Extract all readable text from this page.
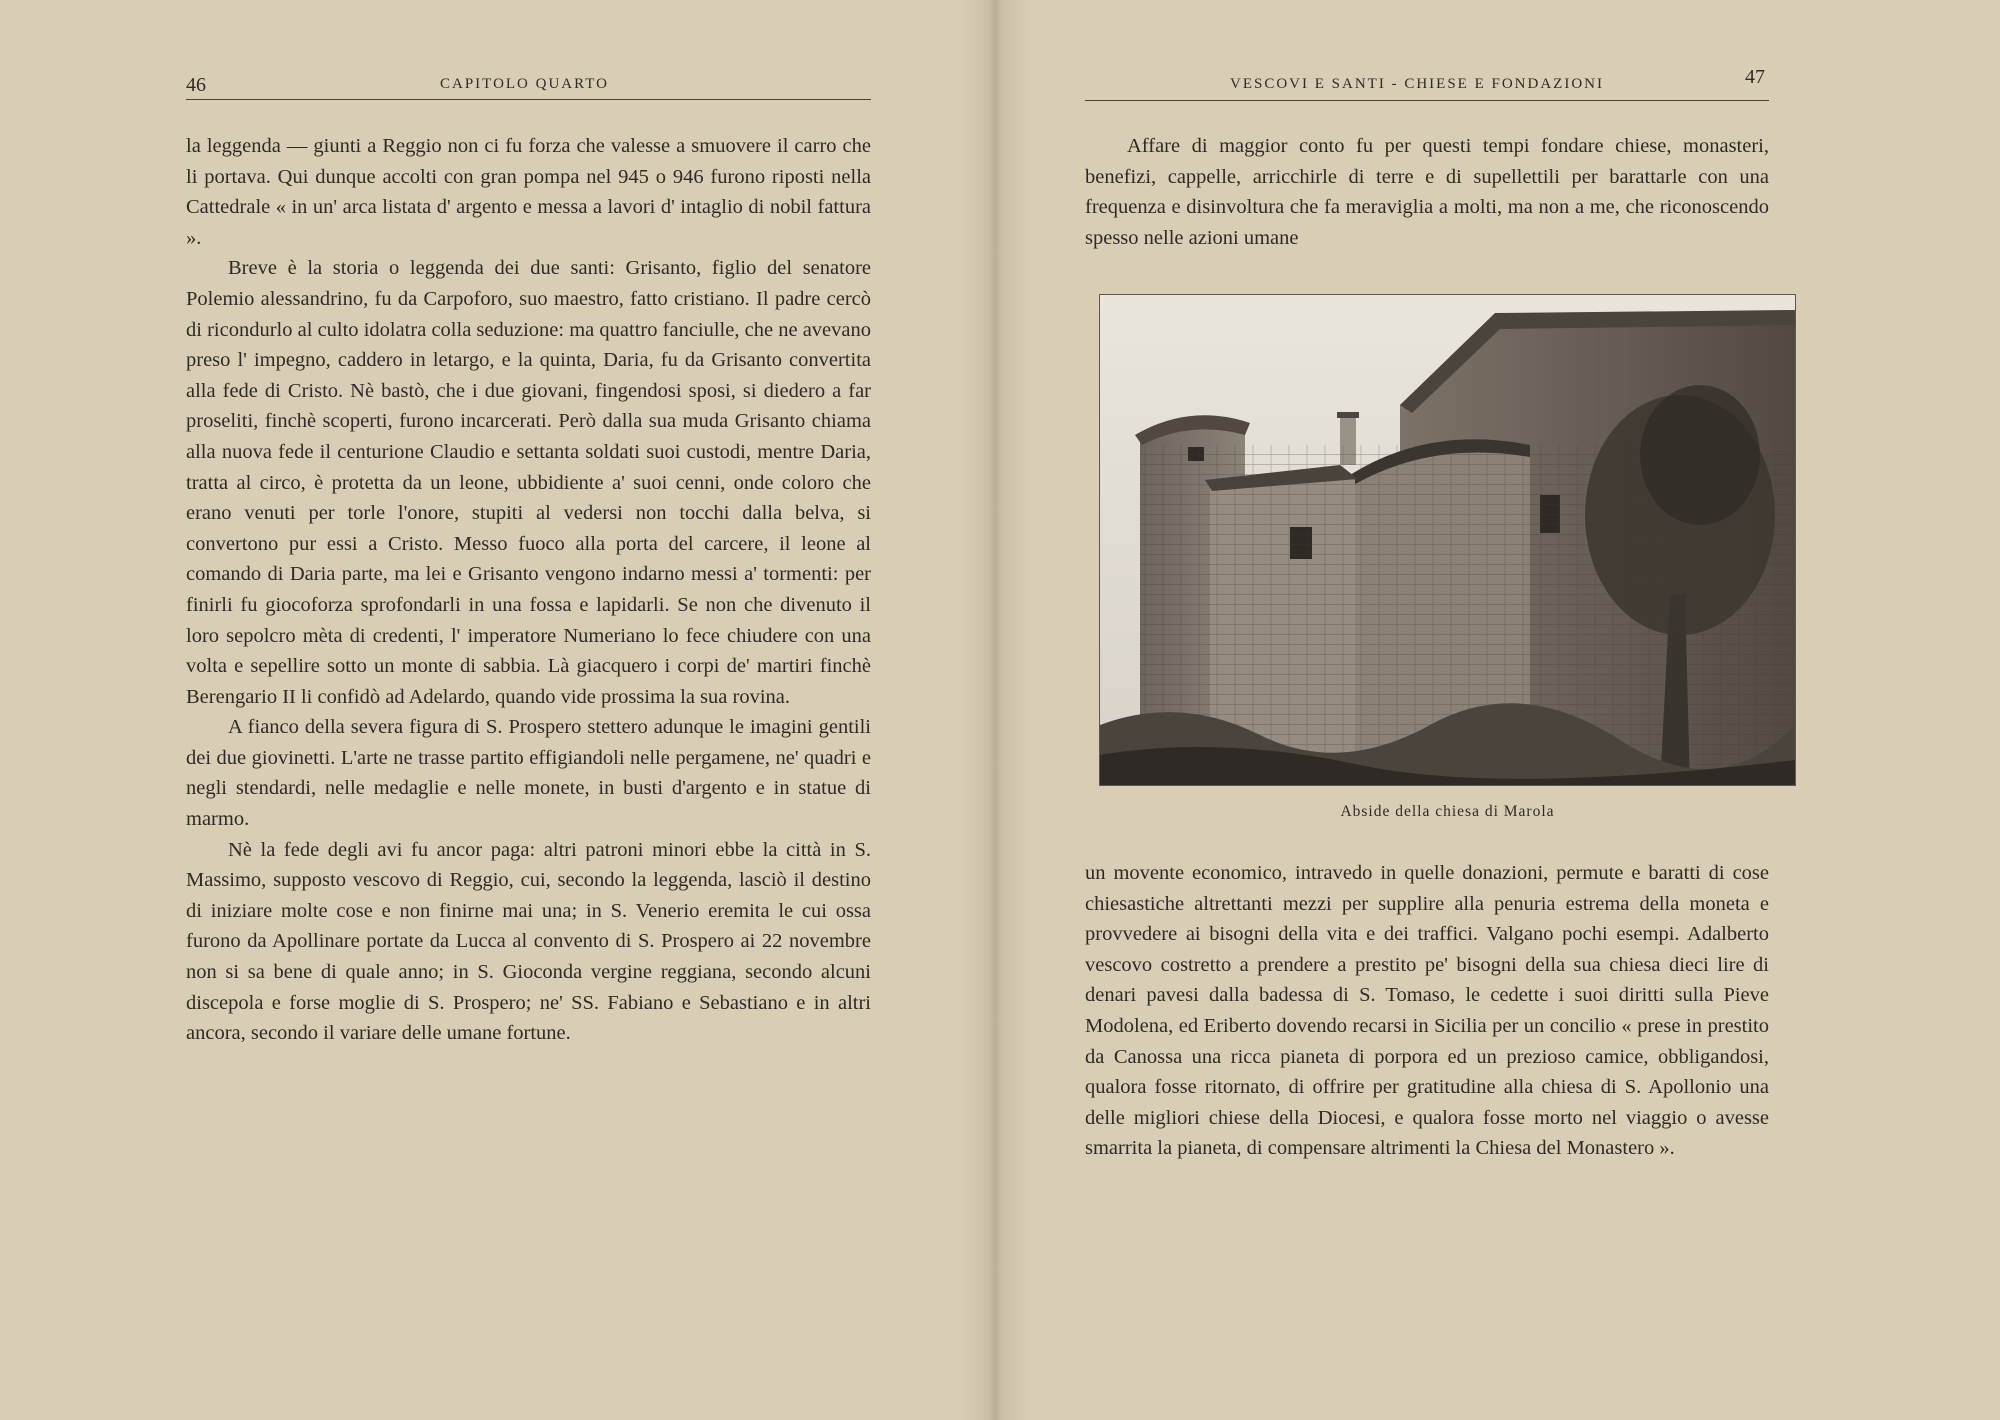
46	CAPITOLO QUARTO

la leggenda — giunti a Reggio non ci fu forza che valesse a smuovere il carro che li portava. Qui dunque accolti con gran pompa nel 945 o 946 furono riposti nella Cattedrale « in un' arca listata d' argento e messa a lavori d' intaglio di nobil fattura ».

Breve è la storia o leggenda dei due santi: Grisanto, figlio del senatore Polemio alessandrino, fu da Carpoforo, suo maestro, fatto cristiano. Il padre cercò di ricondurlo al culto idolatra colla seduzione: ma quattro fanciulle, che ne avevano preso l' impegno, caddero in letargo, e la quinta, Daria, fu da Grisanto convertita alla fede di Cristo. Nè bastò, che i due giovani, fingendosi sposi, si diedero a far proseliti, finchè scoperti, furono incarcerati. Però dalla sua muda Grisanto chiama alla nuova fede il centurione Claudio e settanta soldati suoi custodi, mentre Daria, tratta al circo, è protetta da un leone, ubbidiente a' suoi cenni, onde coloro che erano venuti per torle l'onore, stupiti al vedersi non tocchi dalla belva, si convertono pur essi a Cristo. Messo fuoco alla porta del carcere, il leone al comando di Daria parte, ma lei e Grisanto vengono indarno messi a' tormenti: per finirli fu giocoforza sprofondarli in una fossa e lapidarli. Se non che divenuto il loro sepolcro mèta di credenti, l' imperatore Numeriano lo fece chiudere con una volta e sepellire sotto un monte di sabbia. Là giacquero i corpi de' martiri finchè Berengario II li confidò ad Adelardo, quando vide prossima la sua rovina.

A fianco della severa figura di S. Prospero stettero adunque le imagini gentili dei due giovinetti. L'arte ne trasse partito effigiandoli nelle pergamene, ne' quadri e negli stendardi, nelle medaglie e nelle monete, in busti d'argento e in statue di marmo.

Nè la fede degli avi fu ancor paga: altri patroni minori ebbe la città in S. Massimo, supposto vescovo di Reggio, cui, secondo la leggenda, lasciò il destino di iniziare molte cose e non finirne mai una; in S. Venerio eremita le cui ossa furono da Apollinare portate da Lucca al convento di S. Prospero ai 22 novembre non si sa bene di quale anno; in S. Gioconda vergine reggiana, secondo alcuni discepola e forse moglie di S. Prospero; ne' SS. Fabiano e Sebastiano e in altri ancora, secondo il variare delle umane fortune.

VESCOVI E SANTI - CHIESE E FONDAZIONI	47

Affare di maggior conto fu per questi tempi fondare chiese, monasteri, benefizi, cappelle, arricchirle di terre e di supellettili per barattarle con una frequenza e disinvoltura che fa meraviglia a molti, ma non a me, che riconoscendo spesso nelle azioni umane

Abside della chiesa di Marola

un movente economico, intravedo in quelle donazioni, permute e baratti di cose chiesastiche altrettanti mezzi per supplire alla penuria estrema della moneta e provvedere ai bisogni della vita e dei traffici. Valgano pochi esempi. Adalberto vescovo costretto a prendere a prestito pe' bisogni della sua chiesa dieci lire di denari pavesi dalla badessa di S. Tomaso, le cedette i suoi diritti sulla Pieve Modolena, ed Eriberto dovendo recarsi in Sicilia per un concilio « prese in prestito da Canossa una ricca pianeta di porpora ed un prezioso camice, obbligandosi, qualora fosse ritornato, di offrire per gratitudine alla chiesa di S. Apollonio una delle migliori chiese della Diocesi, e qualora fosse morto nel viaggio o avesse smarrita la pianeta, di compensare altrimenti la Chiesa del Monastero ».
